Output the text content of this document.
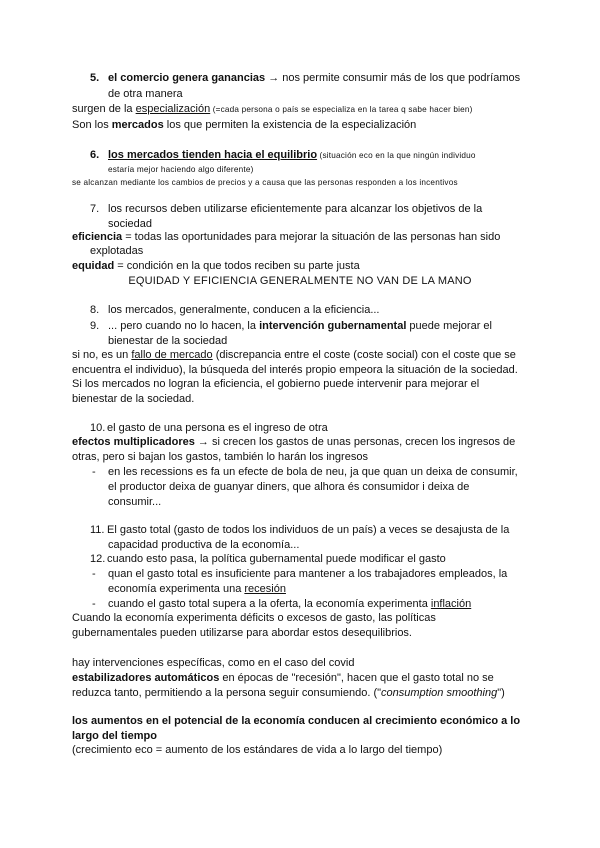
5. el comercio genera ganancias → nos permite consumir más de los que podríamos
de otra manera
surgen de la especialización (=cada persona o país se especializa en la tarea q sabe hacer bien)
Son los mercados los que permiten la existencia de la especialización
6. los mercados tienden hacia el equilibrio (situación eco en la que ningún individuo
estaría mejor haciendo algo diferente)
se alcanzan mediante los cambios de precios y a causa que las personas responden a los incentivos
7. los recursos deben utilizarse eficientemente para alcanzar los objetivos de la
sociedad
eficiencia = todas las oportunidades para mejorar la situación de las personas han sido
explotadas
equidad = condición en la que todos reciben su parte justa
EQUIDAD Y EFICIENCIA GENERALMENTE NO VAN DE LA MANO
8. los mercados, generalmente, conducen a la eficiencia...
9. ... pero cuando no lo hacen, la intervención gubernamental puede mejorar el
bienestar de la sociedad
si no, es un fallo de mercado (discrepancia entre el coste (coste social) con el coste que se
encuentra el individuo), la búsqueda del interés propio empeora la situación de la sociedad.
Si los mercados no logran la eficiencia, el gobierno puede intervenir para mejorar el
bienestar de la sociedad.
10. el gasto de una persona es el ingreso de otra
efectos multiplicadores → si crecen los gastos de unas personas, crecen los ingresos de
otras, pero si bajan los gastos, también lo harán los ingresos
- en les recessions es fa un efecte de bola de neu, ja que quan un deixa de consumir,
el productor deixa de guanyar diners, que alhora és consumidor i deixa de
consumir...
11. El gasto total (gasto de todos los individuos de un país) a veces se desajusta de la
capacidad productiva de la economía...
12. cuando esto pasa, la política gubernamental puede modificar el gasto
- quan el gasto total es insuficiente para mantener a los trabajadores empleados, la
economía experimenta una recesión
- cuando el gasto total supera a la oferta, la economía experimenta inflación
Cuando la economía experimenta déficits o excesos de gasto, las políticas
gubernamentales pueden utilizarse para abordar estos desequilibrios.
hay intervenciones específicas, como en el caso del covid
estabilizadores automáticos en épocas de "recesión", hacen que el gasto total no se
reduzca tanto, permitiendo a la persona seguir consumiendo. ("consumption smoothing")
los aumentos en el potencial de la economía conducen al crecimiento económico a lo
largo del tiempo
(crecimiento eco = aumento de los estándares de vida a lo largo del tiempo)
